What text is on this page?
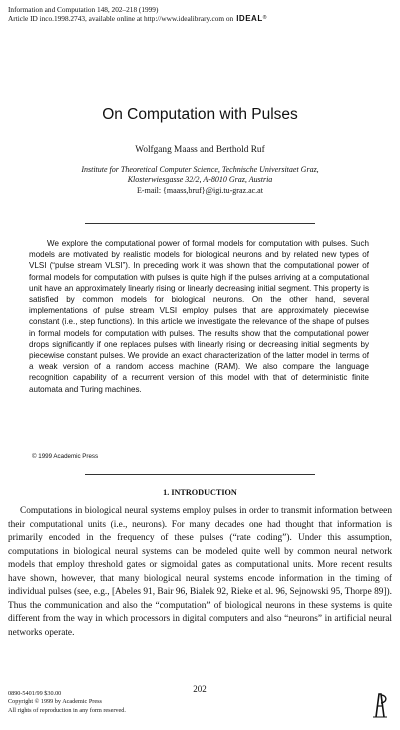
Information and Computation 148, 202–218 (1999)
Article ID inco.1998.2743, available online at http://www.idealibrary.com on IDEAL ®
On Computation with Pulses
Wolfgang Maass and Berthold Ruf
Institute for Theoretical Computer Science, Technische Universitaet Graz,
Klosterwiesgasse 32/2, A-8010 Graz, Austria
E-mail: {maass,bruf}@igi.tu-graz.ac.at

We explore the computational power of formal models for computation with pulses. Such models are motivated by realistic models for biological neurons and by related new types of VLSI (“pulse stream VLSI”). In preceding work it was shown that the computational power of formal models for computation with pulses is quite high if the pulses arriving at a computational unit have an approximately linearly rising or linearly decreasing initial segment. This property is satisfied by common models for biological neurons. On the other hand, several implementations of pulse stream VLSI employ pulses that are approximately piecewise constant (i.e., step functions). In this article we investigate the relevance of the shape of pulses in formal models for computation with pulses. The results show that the computational power drops significantly if one replaces pulses with linearly rising or decreasing initial segments by piecewise constant pulses. We provide an exact characterization of the latter model in terms of a weak version of a random access machine (RAM). We also compare the language recognition capability of a recurrent version of this model with that of deterministic finite automata and Turing machines.

© 1999 Academic Press
1. INTRODUCTION

Computations in biological neural systems employ pulses in order to transmit information between their computational units (i.e., neurons). For many decades one had thought that information is primarily encoded in the frequency of these pulses (“rate coding”). Under this assumption, computations in biological neural systems can be modeled quite well by common neural network models that employ threshold gates or sigmoidal gates as computational units. More recent results have shown, however, that many biological neural systems encode information in the timing of individual pulses (see, e.g., [Abeles 91, Bair 96, Bialek 92, Rieke et al. 96, Sejnowski 95, Thorpe 89]). Thus the communication and also the “computation” of biological neurons in these systems is quite different from the way in which processors in digital computers and also “neurons” in artificial neural networks operate.

202
0890-5401/99 $30.00
Copyright © 1999 by Academic Press
All rights of reproduction in any form reserved.
